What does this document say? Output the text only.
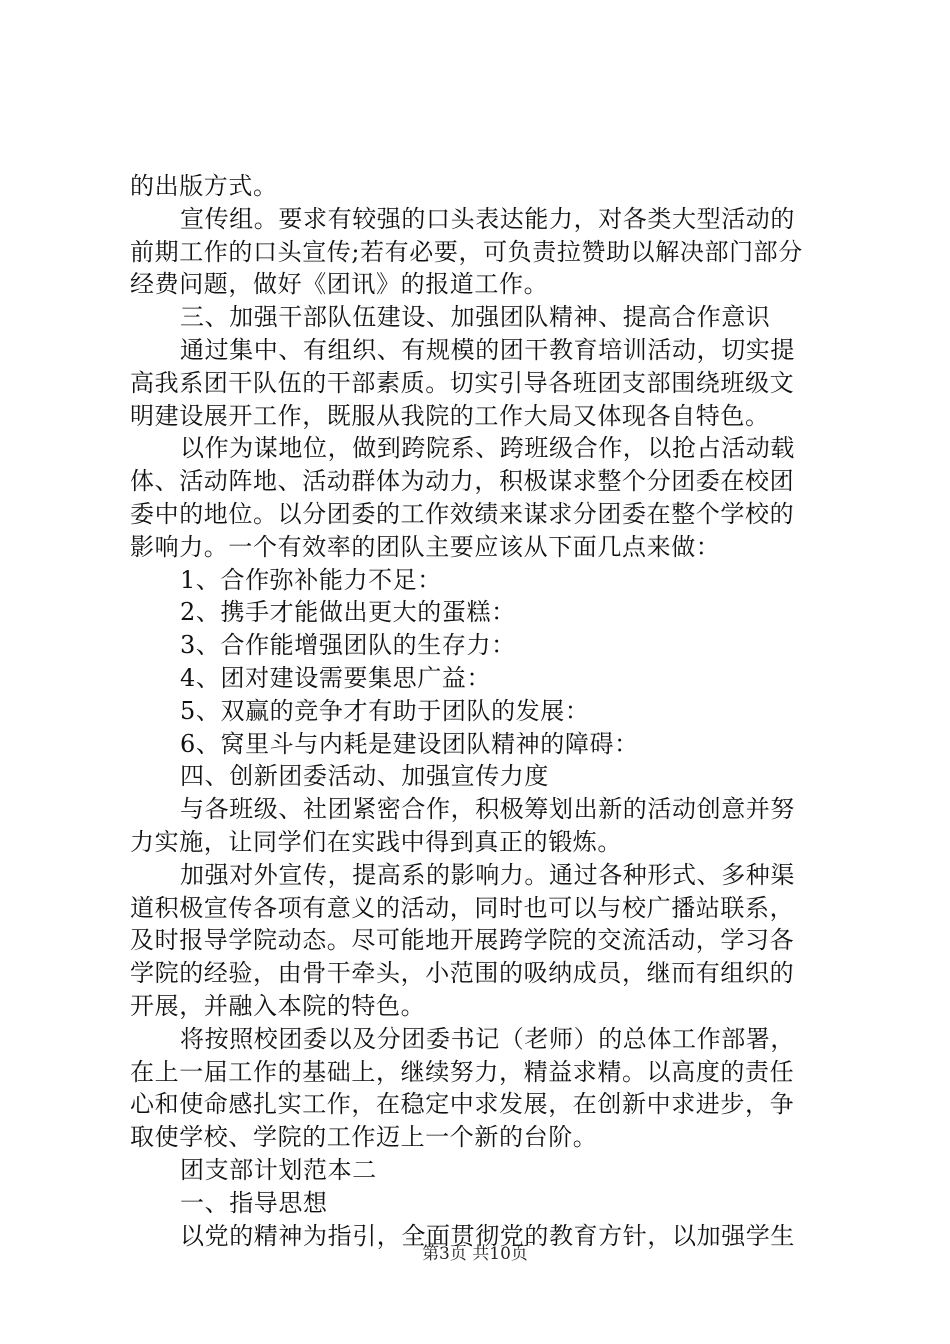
的出版方式。
宣传组。要求有较强的口头表达能力，对各类大型活动的
前期工作的口头宣传;若有必要，可负责拉赞助以解决部门部分
经费问题，做好《团讯》的报道工作。
三、加强干部队伍建设、加强团队精神、提高合作意识
通过集中、有组织、有规模的团干教育培训活动，切实提
高我系团干队伍的干部素质。切实引导各班团支部围绕班级文
明建设展开工作，既服从我院的工作大局又体现各自特色。
以作为谋地位，做到跨院系、跨班级合作，以抢占活动载
体、活动阵地、活动群体为动力，积极谋求整个分团委在校团
委中的地位。以分团委的工作效绩来谋求分团委在整个学校的
影响力。一个有效率的团队主要应该从下面几点来做：
1、合作弥补能力不足：
2、携手才能做出更大的蛋糕：
3、合作能增强团队的生存力：
4、团对建设需要集思广益：
5、双赢的竞争才有助于团队的发展：
6、窝里斗与内耗是建设团队精神的障碍：
四、创新团委活动、加强宣传力度
与各班级、社团紧密合作，积极筹划出新的活动创意并努
力实施，让同学们在实践中得到真正的锻炼。
加强对外宣传，提高系的影响力。通过各种形式、多种渠
道积极宣传各项有意义的活动，同时也可以与校广播站联系，
及时报导学院动态。尽可能地开展跨学院的交流活动，学习各
学院的经验，由骨干牵头，小范围的吸纳成员，继而有组织的
开展，并融入本院的特色。
将按照校团委以及分团委书记（老师）的总体工作部署，
在上一届工作的基础上，继续努力，精益求精。以高度的责任
心和使命感扎实工作，在稳定中求发展，在创新中求进步，争
取使学校、学院的工作迈上一个新的台阶。
团支部计划范本二
一、指导思想
以党的精神为指引，全面贯彻党的教育方针，以加强学生
第3页 共10页
